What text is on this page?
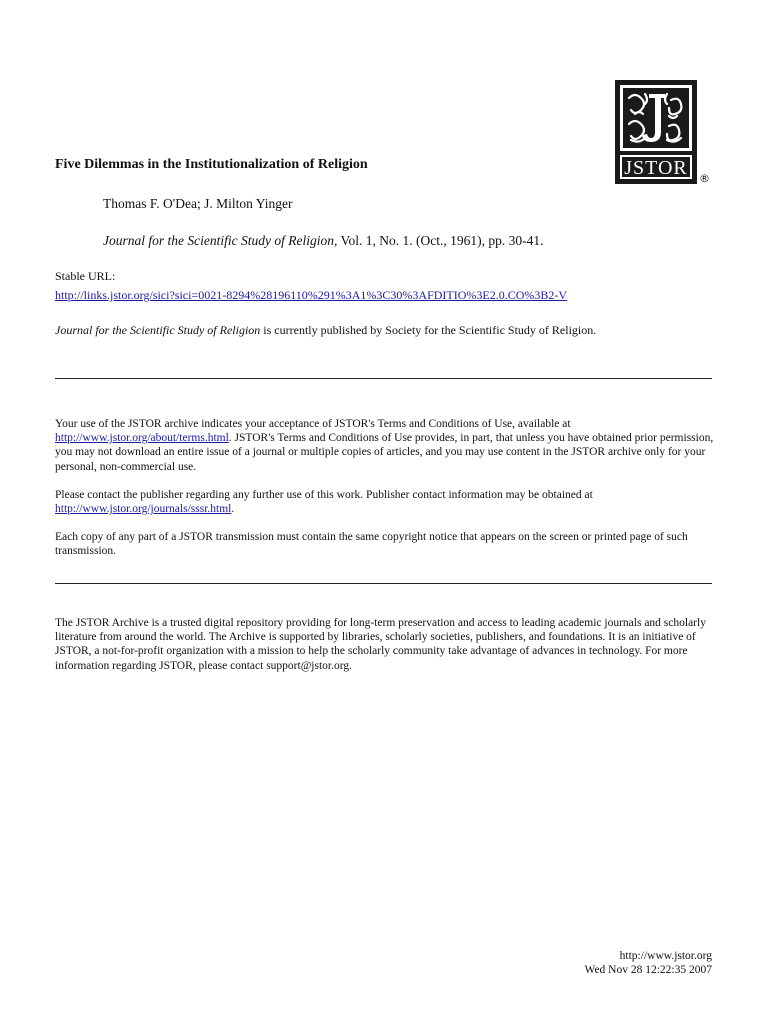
JSTOR ®
Five Dilemmas in the Institutionalization of Religion
Thomas F. O'Dea; J. Milton Yinger
Journal for the Scientific Study of Religion, Vol. 1, No. 1. (Oct., 1961), pp. 30-41.
Stable URL:
http://links.jstor.org/sici?sici=0021-8294%28196110%291%3A1%3C30%3AFDITIO%3E2.0.CO%3B2-V
Journal for the Scientific Study of Religion is currently published by Society for the Scientific Study of Religion.
Your use of the JSTOR archive indicates your acceptance of JSTOR's Terms and Conditions of Use, available at
http://www.jstor.org/about/terms.html. JSTOR's Terms and Conditions of Use provides, in part, that unless you have obtained prior permission, you may not download an entire issue of a journal or multiple copies of articles, and you may use content in the JSTOR archive only for your personal, non-commercial use.
Please contact the publisher regarding any further use of this work. Publisher contact information may be obtained at
http://www.jstor.org/journals/sssr.html.
Each copy of any part of a JSTOR transmission must contain the same copyright notice that appears on the screen or printed page of such transmission.
The JSTOR Archive is a trusted digital repository providing for long-term preservation and access to leading academic journals and scholarly literature from around the world. The Archive is supported by libraries, scholarly societies, publishers, and foundations. It is an initiative of JSTOR, a not-for-profit organization with a mission to help the scholarly community take advantage of advances in technology. For more information regarding JSTOR, please contact support@jstor.org.
http://www.jstor.org
Wed Nov 28 12:22:35 2007
